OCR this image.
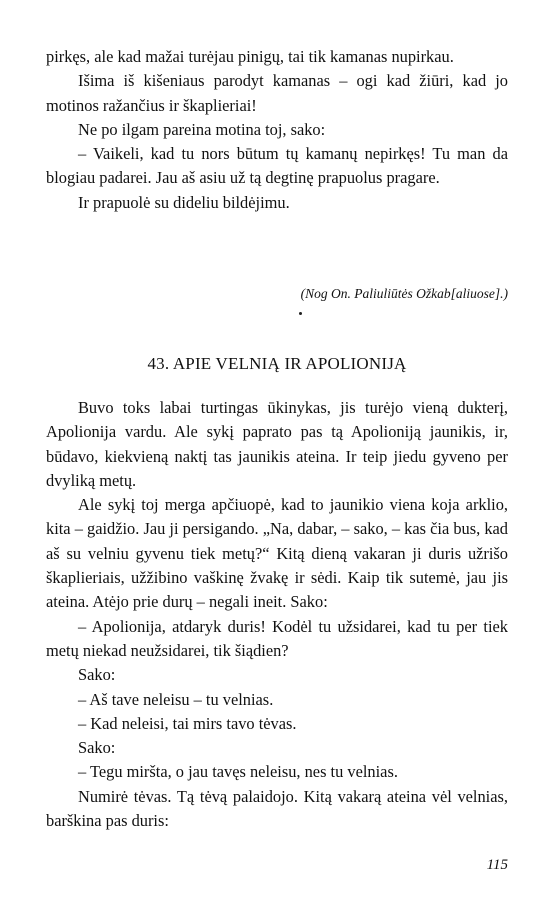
pirkęs, ale kad mažai turėjau pinigų, tai tik kamanas nupirkau.

Išima iš kišeniaus parodyt kamanas – ogi kad žiūri, kad jo motinos ražančius ir škaplieriai!

Ne po ilgam pareina motina toj, sako:

– Vaikeli, kad tu nors būtum tų kamanų nepirkęs! Tu man da blogiau padarei. Jau aš asiu už tą degtinę prapuolus pragare.

Ir prapuolė su dideliu bildėjimu.

(Nog On. Paliuliūtės Ožkab[aliuose].)
43. APIE VELNIĄ IR APOLIONIJĄ

Buvo toks labai turtingas ūkinykas, jis turėjo vieną dukterį, Apolionija vardu. Ale sykį paprato pas tą Apolioniją jaunikis, ir, būdavo, kiekvieną naktį tas jaunikis ateina. Ir teip jiedu gyveno per dvyliką metų.

Ale sykį toj merga apčiuopė, kad to jaunikio viena koja arklio, kita – gaidžio. Jau ji persigando. „Na, dabar, – sako, – kas čia bus, kad aš su velniu gyvenu tiek metų?“ Kitą dieną vakaran ji duris užrišo škaplieriais, užžibino vaškinę žvakę ir sėdi. Kaip tik sutemė, jau jis ateina. Atėjo prie durų – negali ineit. Sako:

– Apolionija, atdaryk duris! Kodėl tu užsidarei, kad tu per tiek metų niekad neužsidarei, tik šiądien?

Sako:

– Aš tave neleisu – tu velnias.

– Kad neleisi, tai mirs tavo tėvas.

Sako:

– Tegu miršta, o jau tavęs neleisu, nes tu velnias.

Numirė tėvas. Tą tėvą palaidojo. Kitą vakarą ateina vėl velnias, barškina pas duris:

115
